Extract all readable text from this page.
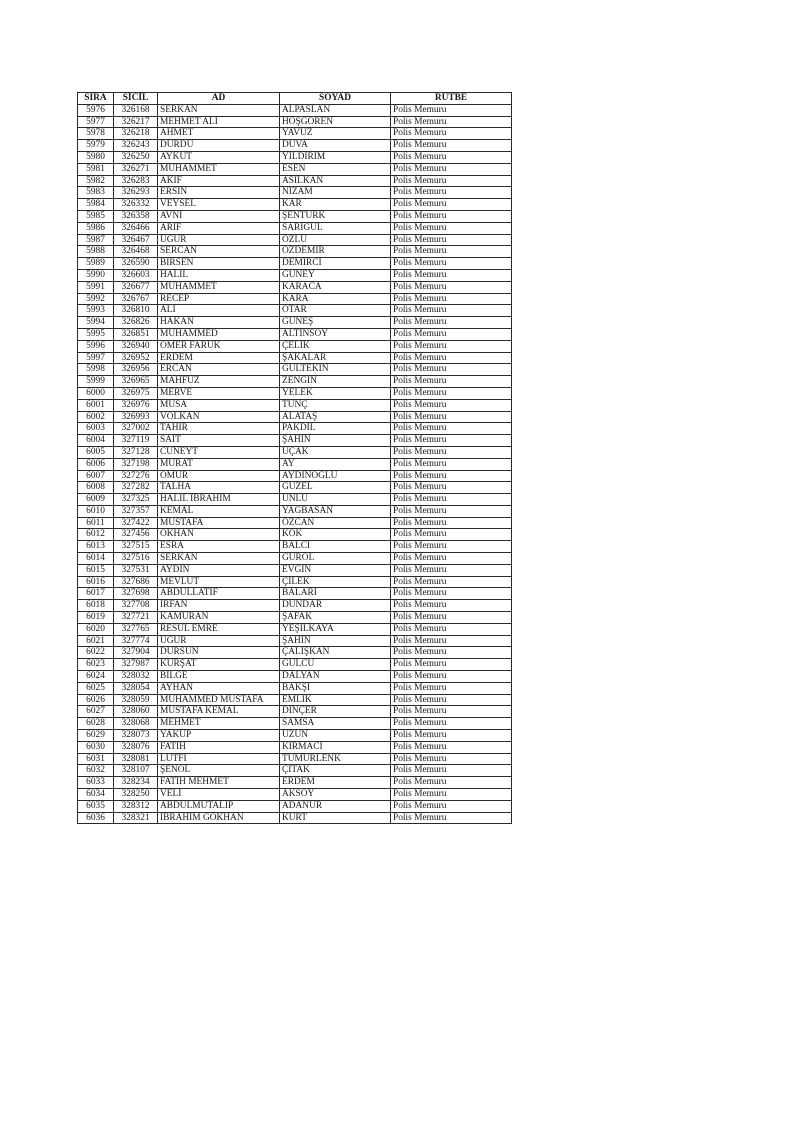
SIRA	SİCİL	AD	SOYAD	RÜTBE
5976	326168	SERKAN	ALPASLAN	Polis Memuru
5977	326217	MEHMET ALİ	HOŞGÖREN	Polis Memuru
5978	326218	AHMET	YAVUZ	Polis Memuru
5979	326243	DURDU	DUVA	Polis Memuru
5980	326250	AYKUT	YILDIRIM	Polis Memuru
5981	326271	MUHAMMET	ESEN	Polis Memuru
5982	326283	AKİF	ASİLKAN	Polis Memuru
5983	326293	ERSİN	NİZAM	Polis Memuru
5984	326332	VEYSEL	KAR	Polis Memuru
5985	326358	AVNİ	ŞENTÜRK	Polis Memuru
5986	326466	ARİF	SARIGÜL	Polis Memuru
5987	326467	UĞUR	ÖZLÜ	Polis Memuru
5988	326468	SERCAN	ÖZDEMİR	Polis Memuru
5989	326590	BİRSEN	DEMİRCİ	Polis Memuru
5990	326603	HALİL	GÜNEY	Polis Memuru
5991	326677	MUHAMMET	KARACA	Polis Memuru
5992	326767	RECEP	KARA	Polis Memuru
5993	326810	ALİ	OTAR	Polis Memuru
5994	326826	HAKAN	GÜNEŞ	Polis Memuru
5995	326851	MUHAMMED	ALTINSOY	Polis Memuru
5996	326940	ÖMER FARUK	ÇELİK	Polis Memuru
5997	326952	ERDEM	ŞAKALAR	Polis Memuru
5998	326956	ERCAN	GÜLTEKİN	Polis Memuru
5999	326965	MAHFUZ	ZENGİN	Polis Memuru
6000	326975	MERVE	YELEK	Polis Memuru
6001	326976	MUSA	TUNÇ	Polis Memuru
6002	326993	VOLKAN	ALATAŞ	Polis Memuru
6003	327002	TAHİR	PAKDİL	Polis Memuru
6004	327119	SAİT	ŞAHİN	Polis Memuru
6005	327128	CÜNEYT	UÇAK	Polis Memuru
6006	327198	MURAT	AY	Polis Memuru
6007	327276	ÖMÜR	AYDINOĞLU	Polis Memuru
6008	327282	TALHA	GÜZEL	Polis Memuru
6009	327325	HALİL İBRAHİM	ÜNLÜ	Polis Memuru
6010	327357	KEMAL	YAĞBASAN	Polis Memuru
6011	327422	MUSTAFA	ÖZCAN	Polis Memuru
6012	327456	OKHAN	KÖK	Polis Memuru
6013	327515	ESRA	BALCI	Polis Memuru
6014	327516	SERKAN	GÜROL	Polis Memuru
6015	327531	AYDIN	EVGİN	Polis Memuru
6016	327686	MEVLÜT	ÇİLEK	Polis Memuru
6017	327698	ABDULLATİF	BALARI	Polis Memuru
6018	327708	İRFAN	DUNDAR	Polis Memuru
6019	327721	KAMURAN	ŞAFAK	Polis Memuru
6020	327765	RESUL EMRE	YEŞİLKAYA	Polis Memuru
6021	327774	UĞUR	ŞAHİN	Polis Memuru
6022	327904	DURSUN	ÇALIŞKAN	Polis Memuru
6023	327987	KÜRŞAT	GÜLCÜ	Polis Memuru
6024	328032	BİLGE	DALYAN	Polis Memuru
6025	328054	AYHAN	BAKŞİ	Polis Memuru
6026	328059	MUHAMMED MUSTAFA	EMLİK	Polis Memuru
6027	328060	MUSTAFA KEMAL	DİNÇER	Polis Memuru
6028	328068	MEHMET	SAMSA	Polis Memuru
6029	328073	YAKUP	UZUN	Polis Memuru
6030	328076	FATİH	KIRMACI	Polis Memuru
6031	328081	LÜTFİ	TÜMÜRLENK	Polis Memuru
6032	328107	ŞENOL	ÇITAK	Polis Memuru
6033	328234	FATİH MEHMET	ERDEM	Polis Memuru
6034	328250	VELİ	AKSOY	Polis Memuru
6035	328312	ABDÜLMUTALİP	ADANUR	Polis Memuru
6036	328321	İBRAHİM GÖKHAN	KURT	Polis Memuru
